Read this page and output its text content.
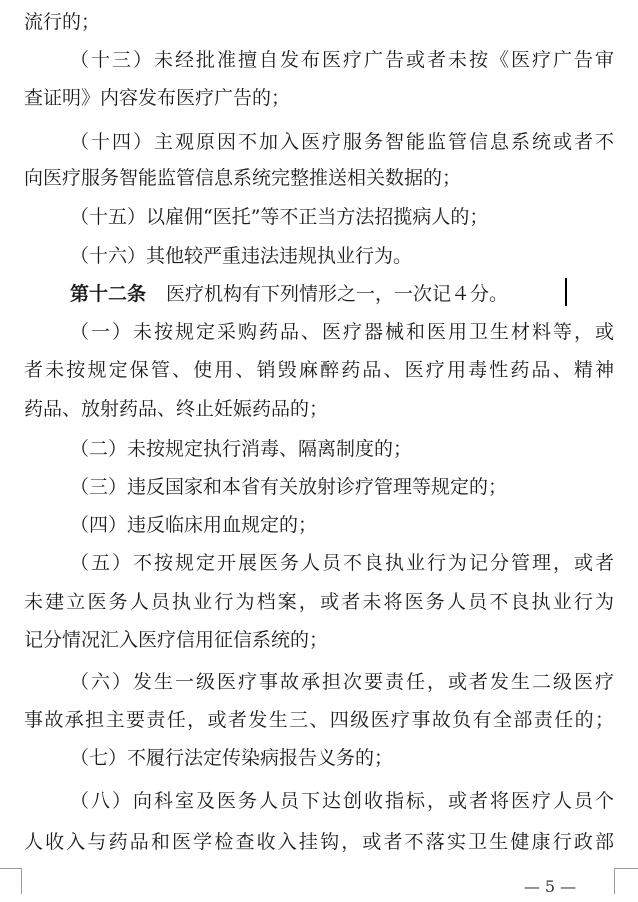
流行的；
（十三）未经批准擅自发布医疗广告或者未按《医疗广告审
查证明》内容发布医疗广告的；
（十四）主观原因不加入医疗服务智能监管信息系统或者不
向医疗服务智能监管信息系统完整推送相关数据的；
（十五）以雇佣“医托”等不正当方法招揽病人的；
（十六）其他较严重违法违规执业行为。
第十二条 医疗机构有下列情形之一，一次记４分。
（一）未按规定采购药品、医疗器械和医用卫生材料等，或
者未按规定保管、使用、销毁麻醉药品、医疗用毒性药品、精神
药品、放射药品、终止妊娠药品的；
（二）未按规定执行消毒、隔离制度的；
（三）违反国家和本省有关放射诊疗管理等规定的；
（四）违反临床用血规定的；
（五）不按规定开展医务人员不良执业行为记分管理，或者
未建立医务人员执业行为档案，或者未将医务人员不良执业行为
记分情况汇入医疗信用征信系统的；
（六）发生一级医疗事故承担次要责任，或者发生二级医疗
事故承担主要责任，或者发生三、四级医疗事故负有全部责任的；
（七）不履行法定传染病报告义务的；
（八）向科室及医务人员下达创收指标，或者将医疗人员个
人收入与药品和医学检查收入挂钩，或者不落实卫生健康行政部
— 5 —
